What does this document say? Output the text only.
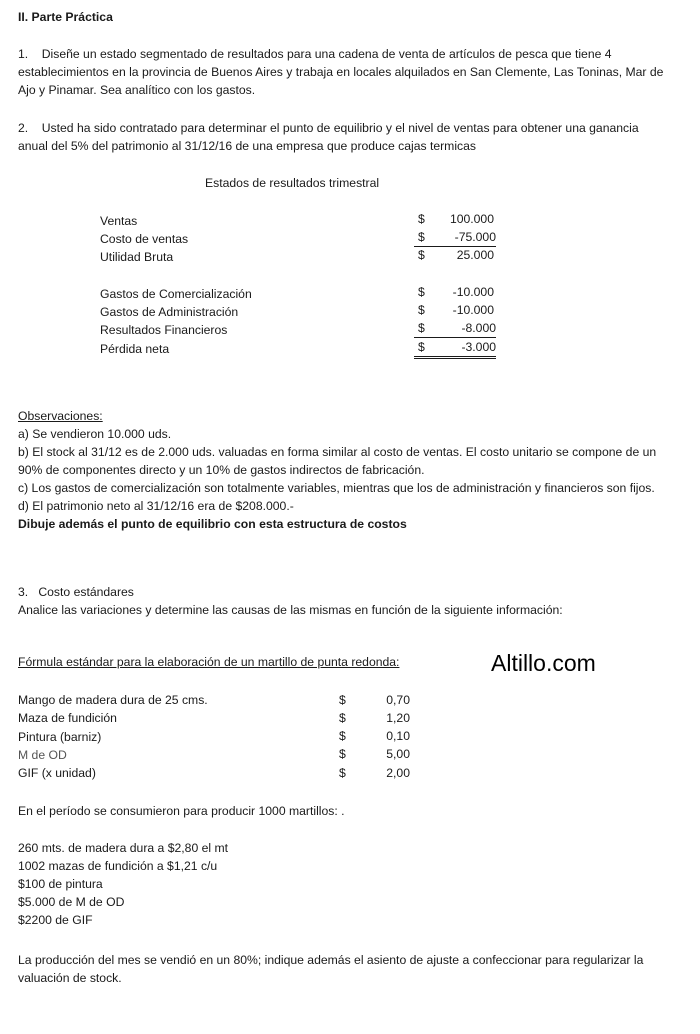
II. Parte Práctica

1. Diseñe un estado segmentado de resultados para una cadena de venta de artículos de pesca que tiene 4 establecimientos en la provincia de Buenos Aires y trabaja en locales alquilados en San Clemente, Las Toninas, Mar de Ajo y Pinamar. Sea analítico con los gastos.

2. Usted ha sido contratado para determinar el punto de equilibrio y el nivel de ventas para obtener una ganancia anual del 5% del patrimonio al 31/12/16 de una empresa que produce cajas termicas

Estados de resultados trimestral
Ventas	$	100.000
Costo de ventas	$	-75.000
Utilidad Bruta	$	25.000
Gastos de Comercialización	$	-10.000
Gastos de Administración	$	-10.000
Resultados Financieros	$	-8.000
Pérdida neta	$	-3.000

Observaciones:

a) Se vendieron 10.000 uds.

b) El stock al 31/12 es de 2.000 uds. valuadas en forma similar al costo de ventas. El costo unitario se compone de un 90% de componentes directo y un 10% de gastos indirectos de fabricación.

c) Los gastos de comercialización son totalmente variables, mientras que los de administración y financieros son fijos.

d) El patrimonio neto al 31/12/16 era de $208.000.-

Dibuje además el punto de equilibrio con esta estructura de costos

3. Costo estándares

Analice las variaciones y determine las causas de las mismas en función de la siguiente información:

Fórmula estándar para la elaboración de un martillo de punta redonda:	Altillo.com
Mango de madera dura de 25 cms.	$	0,70
Maza de fundición	$	1,20
Pintura (barniz)	$	0,10
M de OD	$	5,00
GIF (x unidad)	$	2,00
En el período se consumieron para producir 1000 martillos: .

260 mts. de madera dura a $2,80 el mt

1002 mazas de fundición a $1,21 c/u

$100 de pintura

$5.000 de M de OD

$2200 de GIF

La producción del mes se vendió en un 80%; indique además el asiento de ajuste a confeccionar para regularizar la valuación de stock.
